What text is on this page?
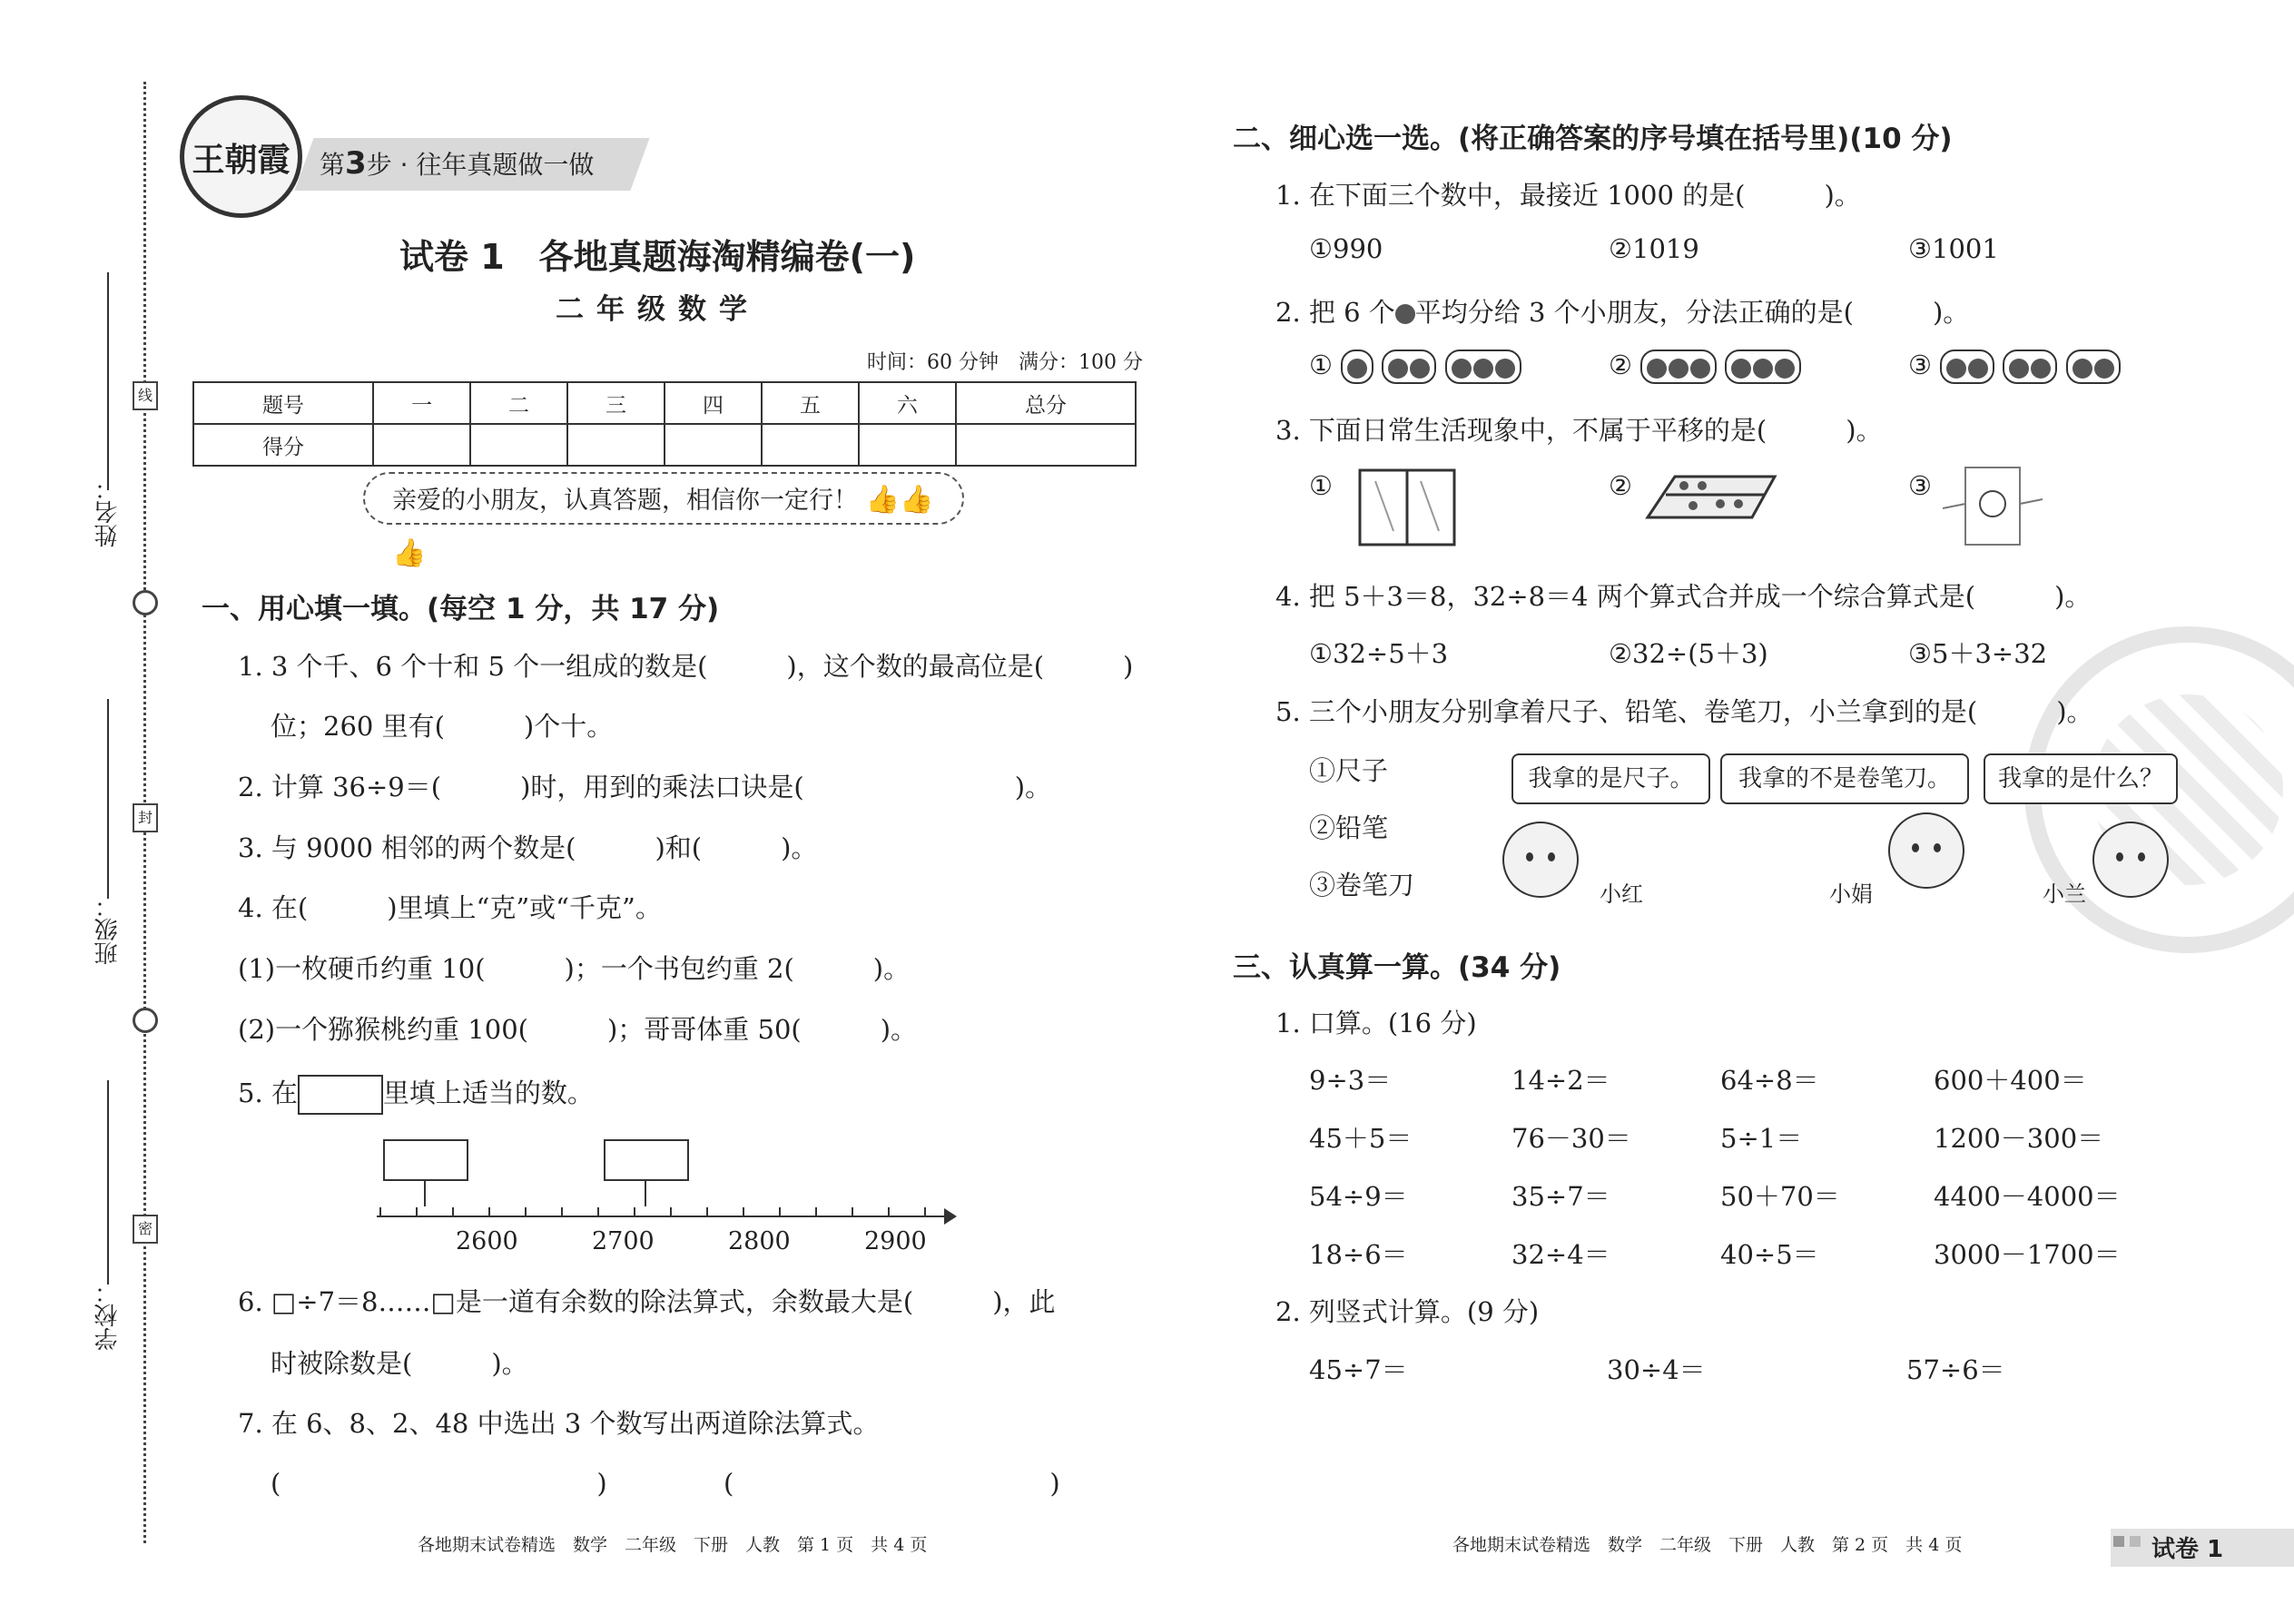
姓名：
班级：
学校：
线
封
密
王朝霞	第3步 · 往年真题做一做
试卷 1　各地真题海淘精编卷(一)
二年级数学
时间：60 分钟　满分：100 分
题号	一	二	三	四	五	六	总分
得分							
亲爱的小朋友，认真答题，相信你一定行！ 👍👍👍
一、用心填一填。(每空 1 分，共 17 分)
1. 3 个千、6 个十和 5 个一组成的数是(　　　)，这个数的最高位是(　　　)
位；260 里有(　　　)个十。
2. 计算 36÷9＝(　　　)时，用到的乘法口诀是(　　　　　　　　)。
3. 与 9000 相邻的两个数是(　　　)和(　　　)。
4. 在(　　　)里填上“克”或“千克”。
(1)一枚硬币约重 10(　　　)；一个书包约重 2(　　　)。
(2)一个猕猴桃约重 100(　　　)；哥哥体重 50(　　　)。
5. 在	里填上适当的数。
2600	2700	2800	2900
6. □÷7＝8……□是一道有余数的除法算式，余数最大是(　　　)，此
时被除数是(　　　)。
7. 在 6、8、2、48 中选出 3 个数写出两道除法算式。
(　　　　　　　　　　　　)	(　　　　　　　　　　　　)
各地期末试卷精选　数学　二年级　下册　人教　第 1 页　共 4 页
二、细心选一选。(将正确答案的序号填在括号里)(10 分)
1. 在下面三个数中，最接近 1000 的是(　　　)。
①990	②1019	③1001
2. 把 6 个 平均分给 3 个小朋友，分法正确的是(　　　)。
①	②	③
3. 下面日常生活现象中，不属于平移的是(　　　)。
①	②	③
4. 把 5＋3＝8，32÷8＝4 两个算式合并成一个综合算式是(　　　)。
①32÷5＋3	②32÷(5＋3)	③5＋3÷32
5. 三个小朋友分别拿着尺子、铅笔、卷笔刀，小兰拿到的是(　　　)。
①尺子
②铅笔
③卷笔刀
我拿的是尺子。	我拿的不是卷笔刀。	我拿的是什么？
小红	小娟	小兰
三、认真算一算。(34 分)
1. 口算。(16 分)
9÷3＝	14÷2＝	64÷8＝	600＋400＝
45＋5＝	76－30＝	5÷1＝	1200－300＝
54÷9＝	35÷7＝	50＋70＝	4400－4000＝
18÷6＝	32÷4＝	40÷5＝	3000－1700＝
2. 列竖式计算。(9 分)
45÷7＝	30÷4＝	57÷6＝
各地期末试卷精选　数学　二年级　下册　人教　第 2 页　共 4 页	试卷 1
